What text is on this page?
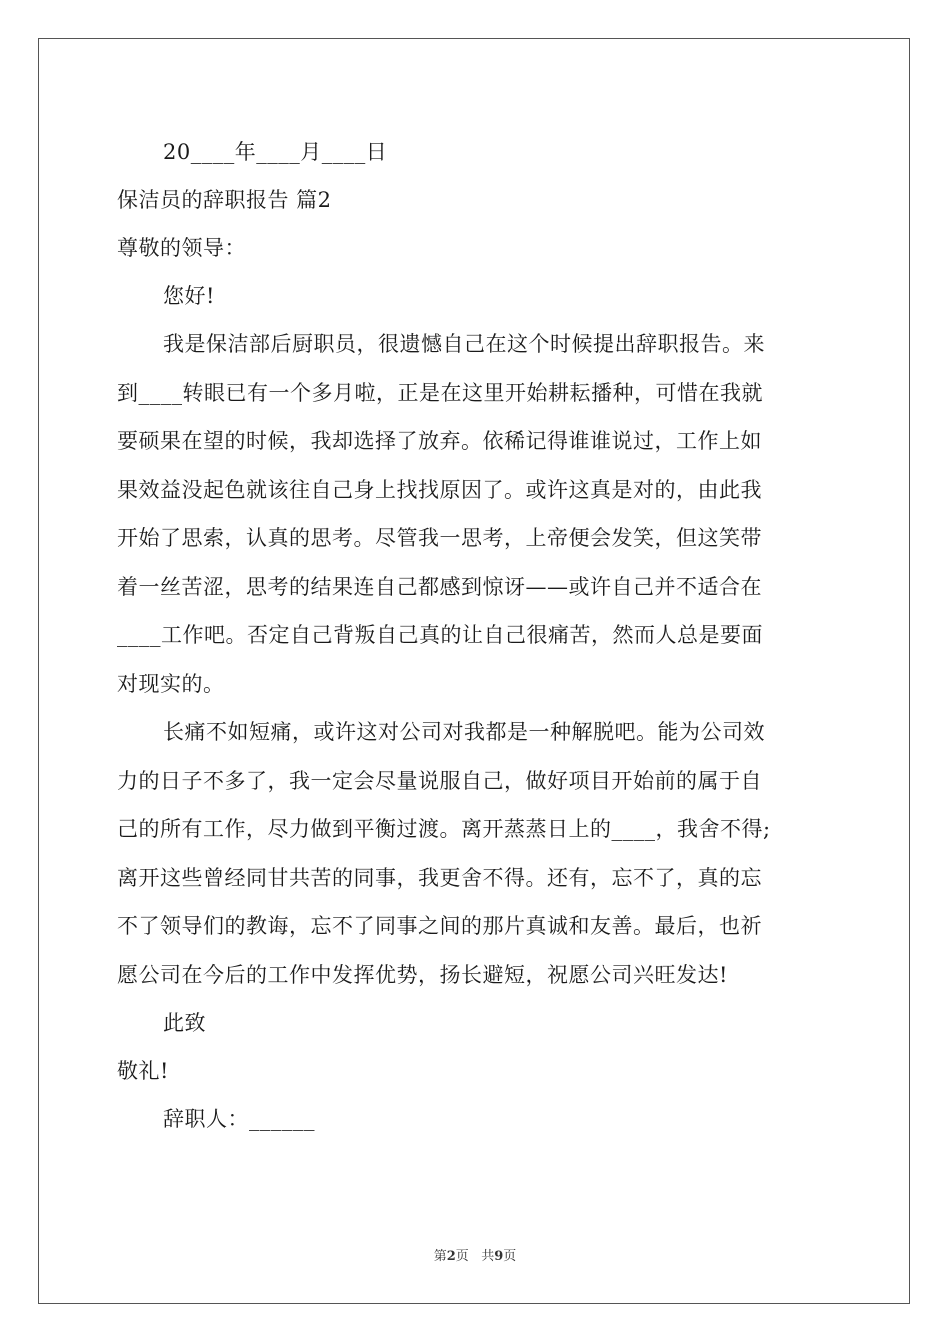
20____年____月____日
保洁员的辞职报告 篇2
尊敬的领导：
您好!
我是保洁部后厨职员，很遗憾自己在这个时候提出辞职报告。来
到____转眼已有一个多月啦，正是在这里开始耕耘播种，可惜在我就
要硕果在望的时候，我却选择了放弃。依稀记得谁谁说过，工作上如
果效益没起色就该往自己身上找找原因了。或许这真是对的，由此我
开始了思索，认真的思考。尽管我一思考，上帝便会发笑，但这笑带
着一丝苦涩，思考的结果连自己都感到惊讶——或许自己并不适合在
____工作吧。否定自己背叛自己真的让自己很痛苦，然而人总是要面
对现实的。
长痛不如短痛，或许这对公司对我都是一种解脱吧。能为公司效
力的日子不多了，我一定会尽量说服自己，做好项目开始前的属于自
己的所有工作，尽力做到平衡过渡。离开蒸蒸日上的____，我舍不得;
离开这些曾经同甘共苦的同事，我更舍不得。还有，忘不了，真的忘
不了领导们的教诲，忘不了同事之间的那片真诚和友善。最后，也祈
愿公司在今后的工作中发挥优势，扬长避短，祝愿公司兴旺发达!
此致
敬礼!
辞职人：______
第2页 共9页
